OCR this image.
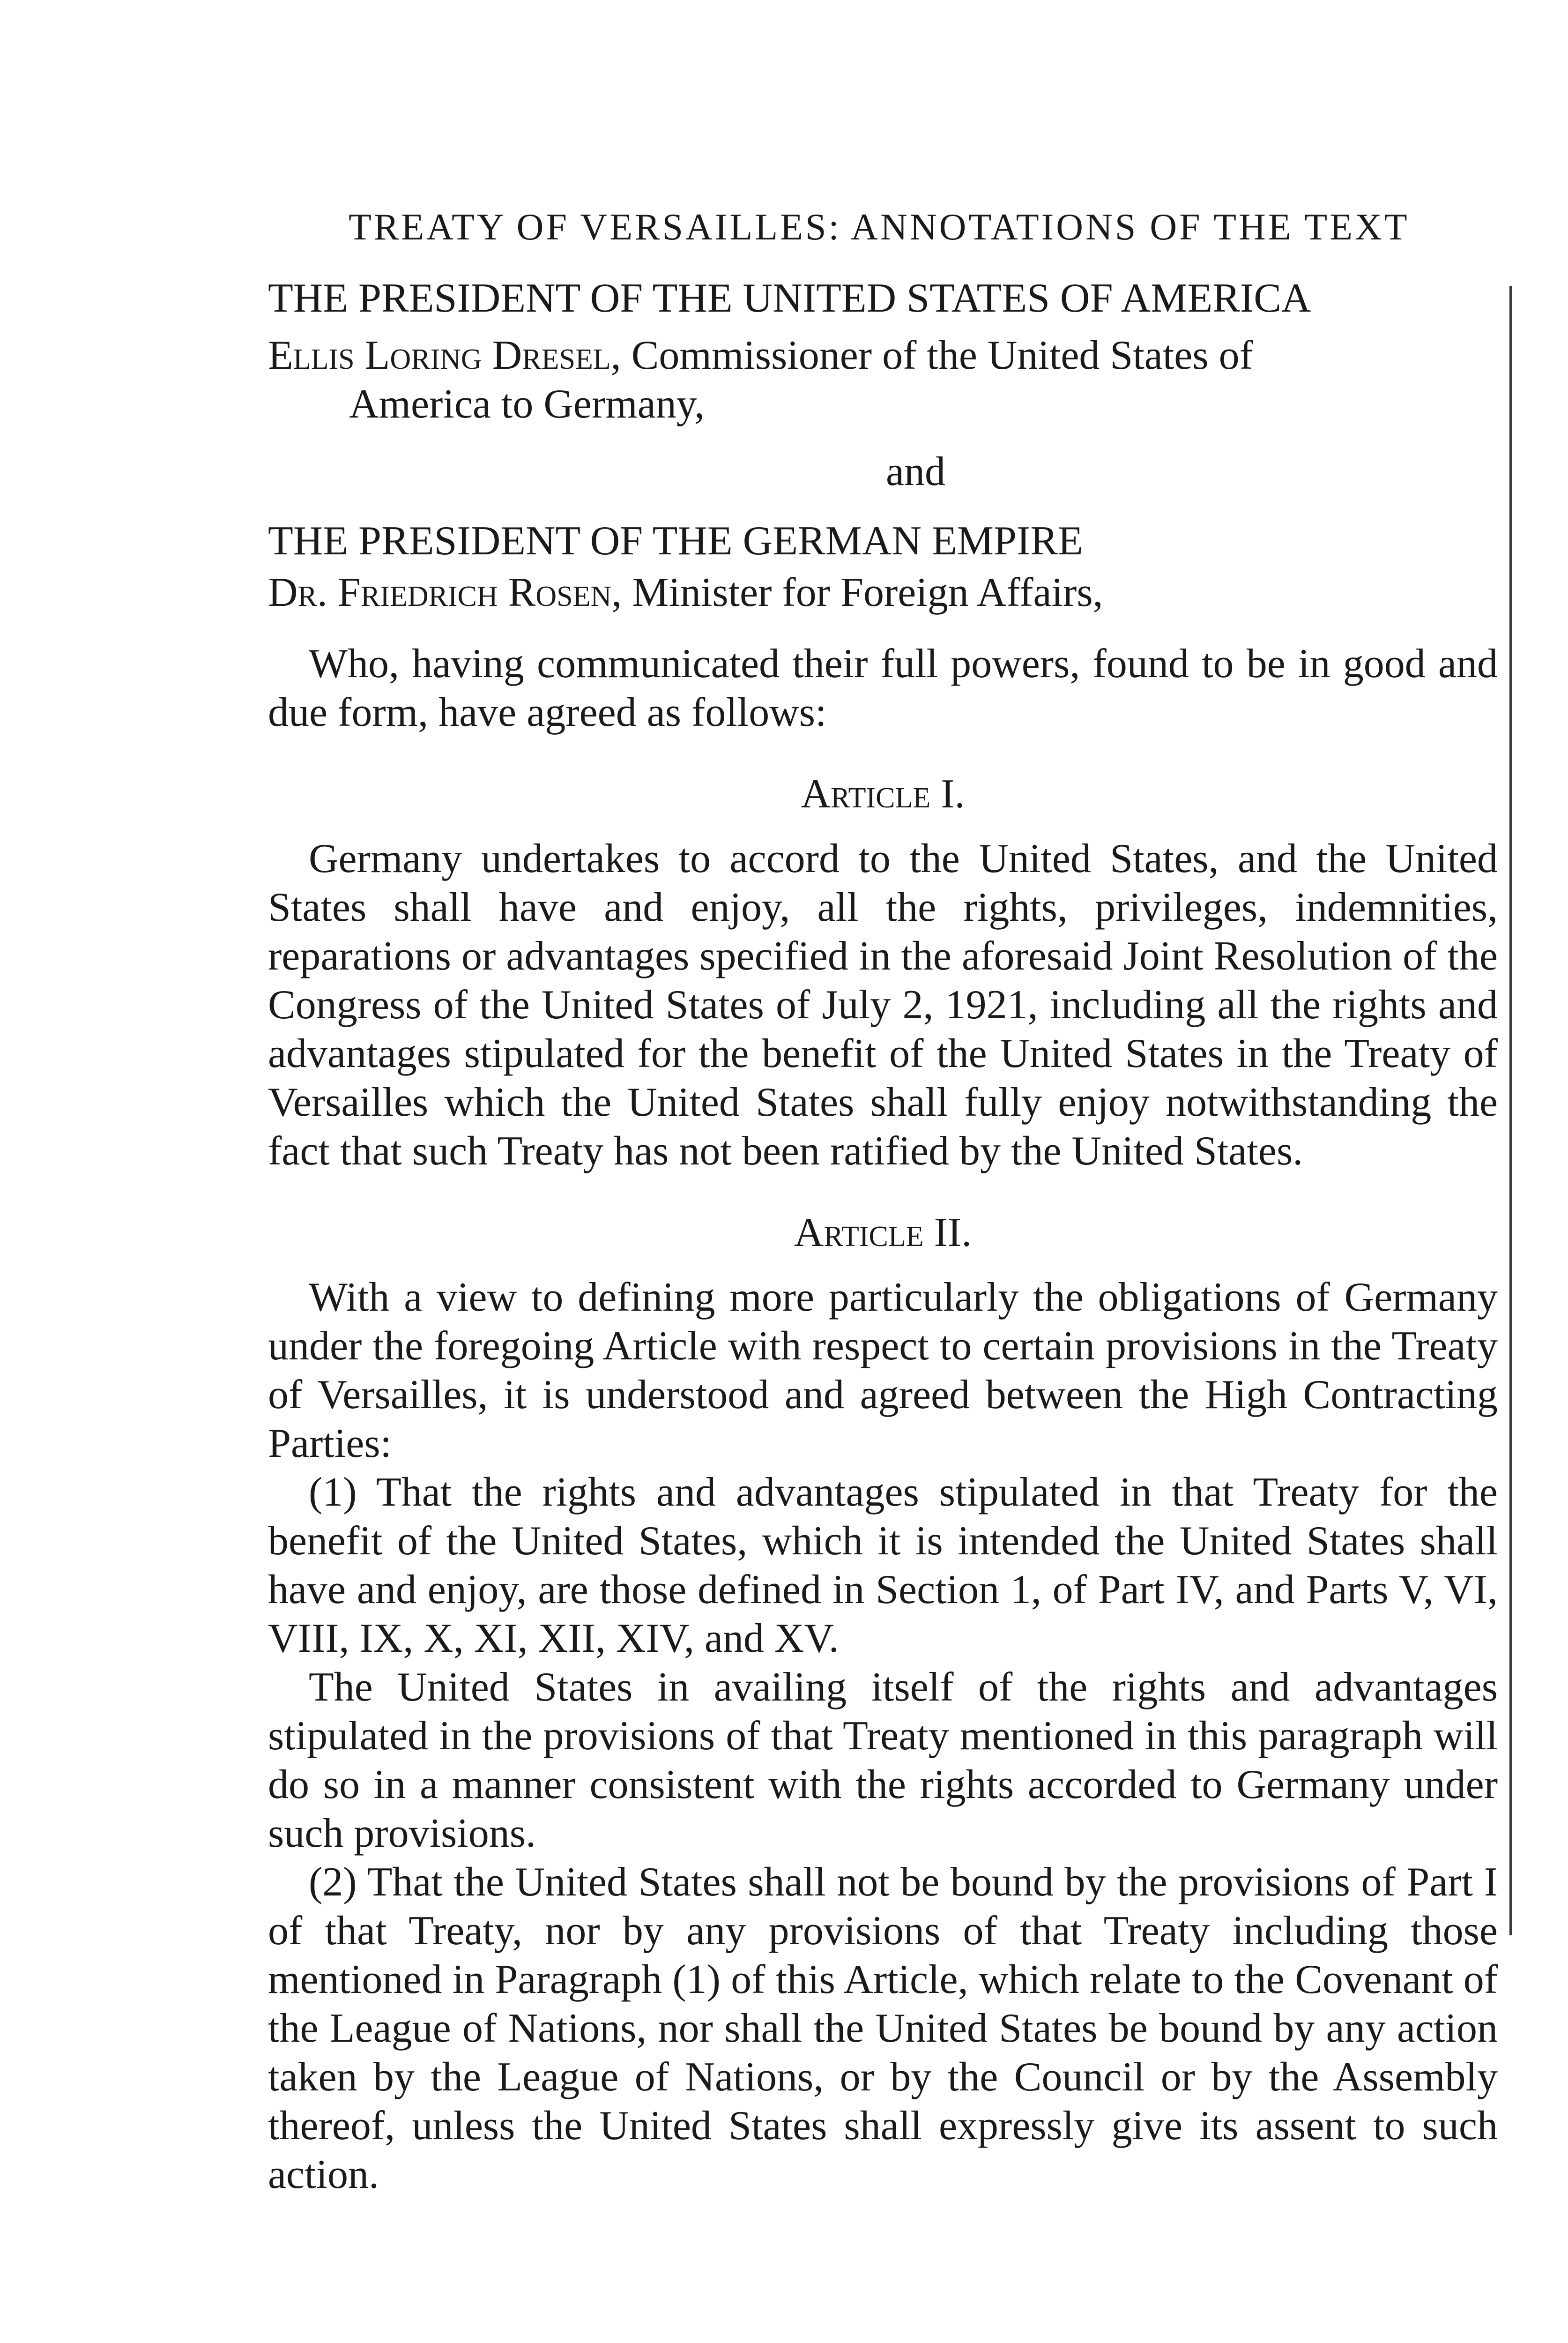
TREATY OF VERSAILLES: ANNOTATIONS OF THE TEXT

THE PRESIDENT OF THE UNITED STATES OF AMERICA

Ellis Loring Dresel, Commissioner of the United States of

America to Germany,

and

THE PRESIDENT OF THE GERMAN EMPIRE

Dr. Friedrich Rosen, Minister for Foreign Affairs,

Who, having communicated their full powers, found to be in good and due form, have agreed as follows:

Article I.

Germany undertakes to accord to the United States, and the United States shall have and enjoy, all the rights, privileges, indemnities, reparations or advantages specified in the aforesaid Joint Resolution of the Congress of the United States of July 2, 1921, including all the rights and advantages stipulated for the benefit of the United States in the Treaty of Versailles which the United States shall fully enjoy notwithstanding the fact that such Treaty has not been ratified by the United States.

Article II.

With a view to defining more particularly the obligations of Germany under the foregoing Article with respect to certain provisions in the Treaty of Versailles, it is understood and agreed between the High Contracting Parties:

(1) That the rights and advantages stipulated in that Treaty for the benefit of the United States, which it is intended the United States shall have and enjoy, are those defined in Section 1, of Part IV, and Parts V, VI, VIII, IX, X, XI, XII, XIV, and XV.

The United States in availing itself of the rights and advantages stipulated in the provisions of that Treaty mentioned in this paragraph will do so in a manner consistent with the rights accorded to Germany under such provisions.

(2) That the United States shall not be bound by the provisions of Part I of that Treaty, nor by any provisions of that Treaty including those mentioned in Paragraph (1) of this Article, which relate to the Covenant of the League of Nations, nor shall the United States be bound by any action taken by the League of Nations, or by the Council or by the Assembly thereof, unless the United States shall expressly give its assent to such action.
